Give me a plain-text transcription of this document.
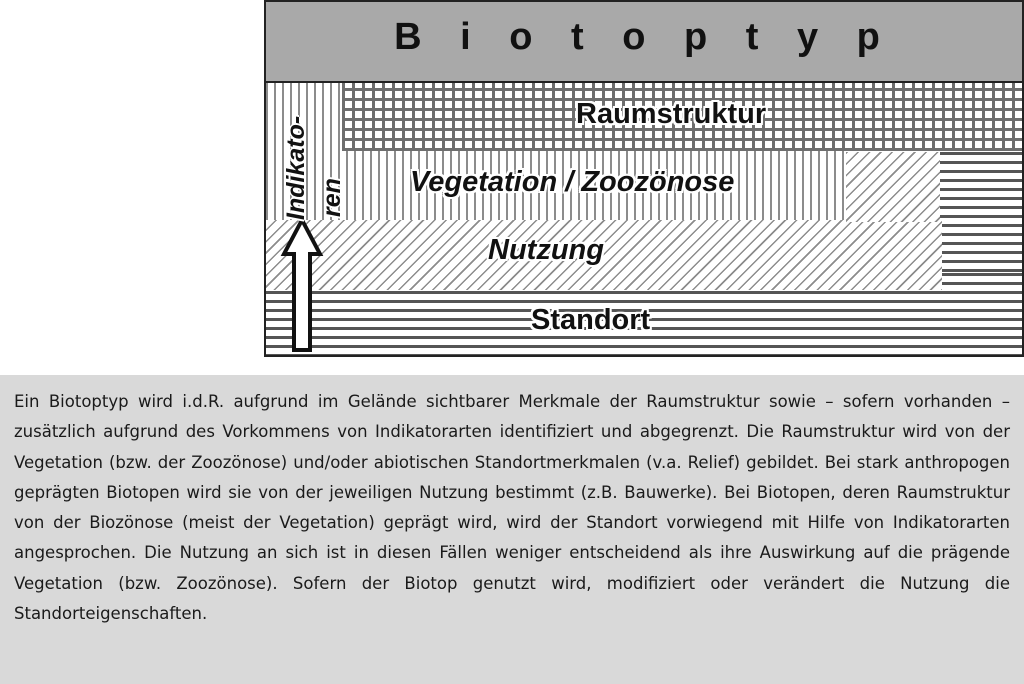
B i o t o p t y p
Raumstruktur
Vegetation / Zoozönose
Nutzung
Standort
Indikato- ren

Ein Biotoptyp wird i.d.R. aufgrund im Gelände sichtbarer Merkmale der Raumstruktur sowie – sofern vorhanden – zusätzlich aufgrund des Vorkommens von Indikatorarten identifiziert und abgegrenzt. Die Raumstruktur wird von der Vegetation (bzw. der Zoozönose) und/oder abiotischen Standortmerkmalen (v.a. Relief) gebildet. Bei stark anthropogen geprägten Biotopen wird sie von der jeweiligen Nutzung bestimmt (z.B. Bauwerke). Bei Biotopen, deren Raumstruktur von der Biozönose (meist der Vegetation) geprägt wird, wird der Standort vorwiegend mit Hilfe von Indikatorarten angesprochen. Die Nutzung an sich ist in diesen Fällen weniger entscheidend als ihre Auswirkung auf die prägende Vegetation (bzw. Zoozönose). Sofern der Biotop genutzt wird, modifiziert oder verändert die Nutzung die Standorteigenschaften.
